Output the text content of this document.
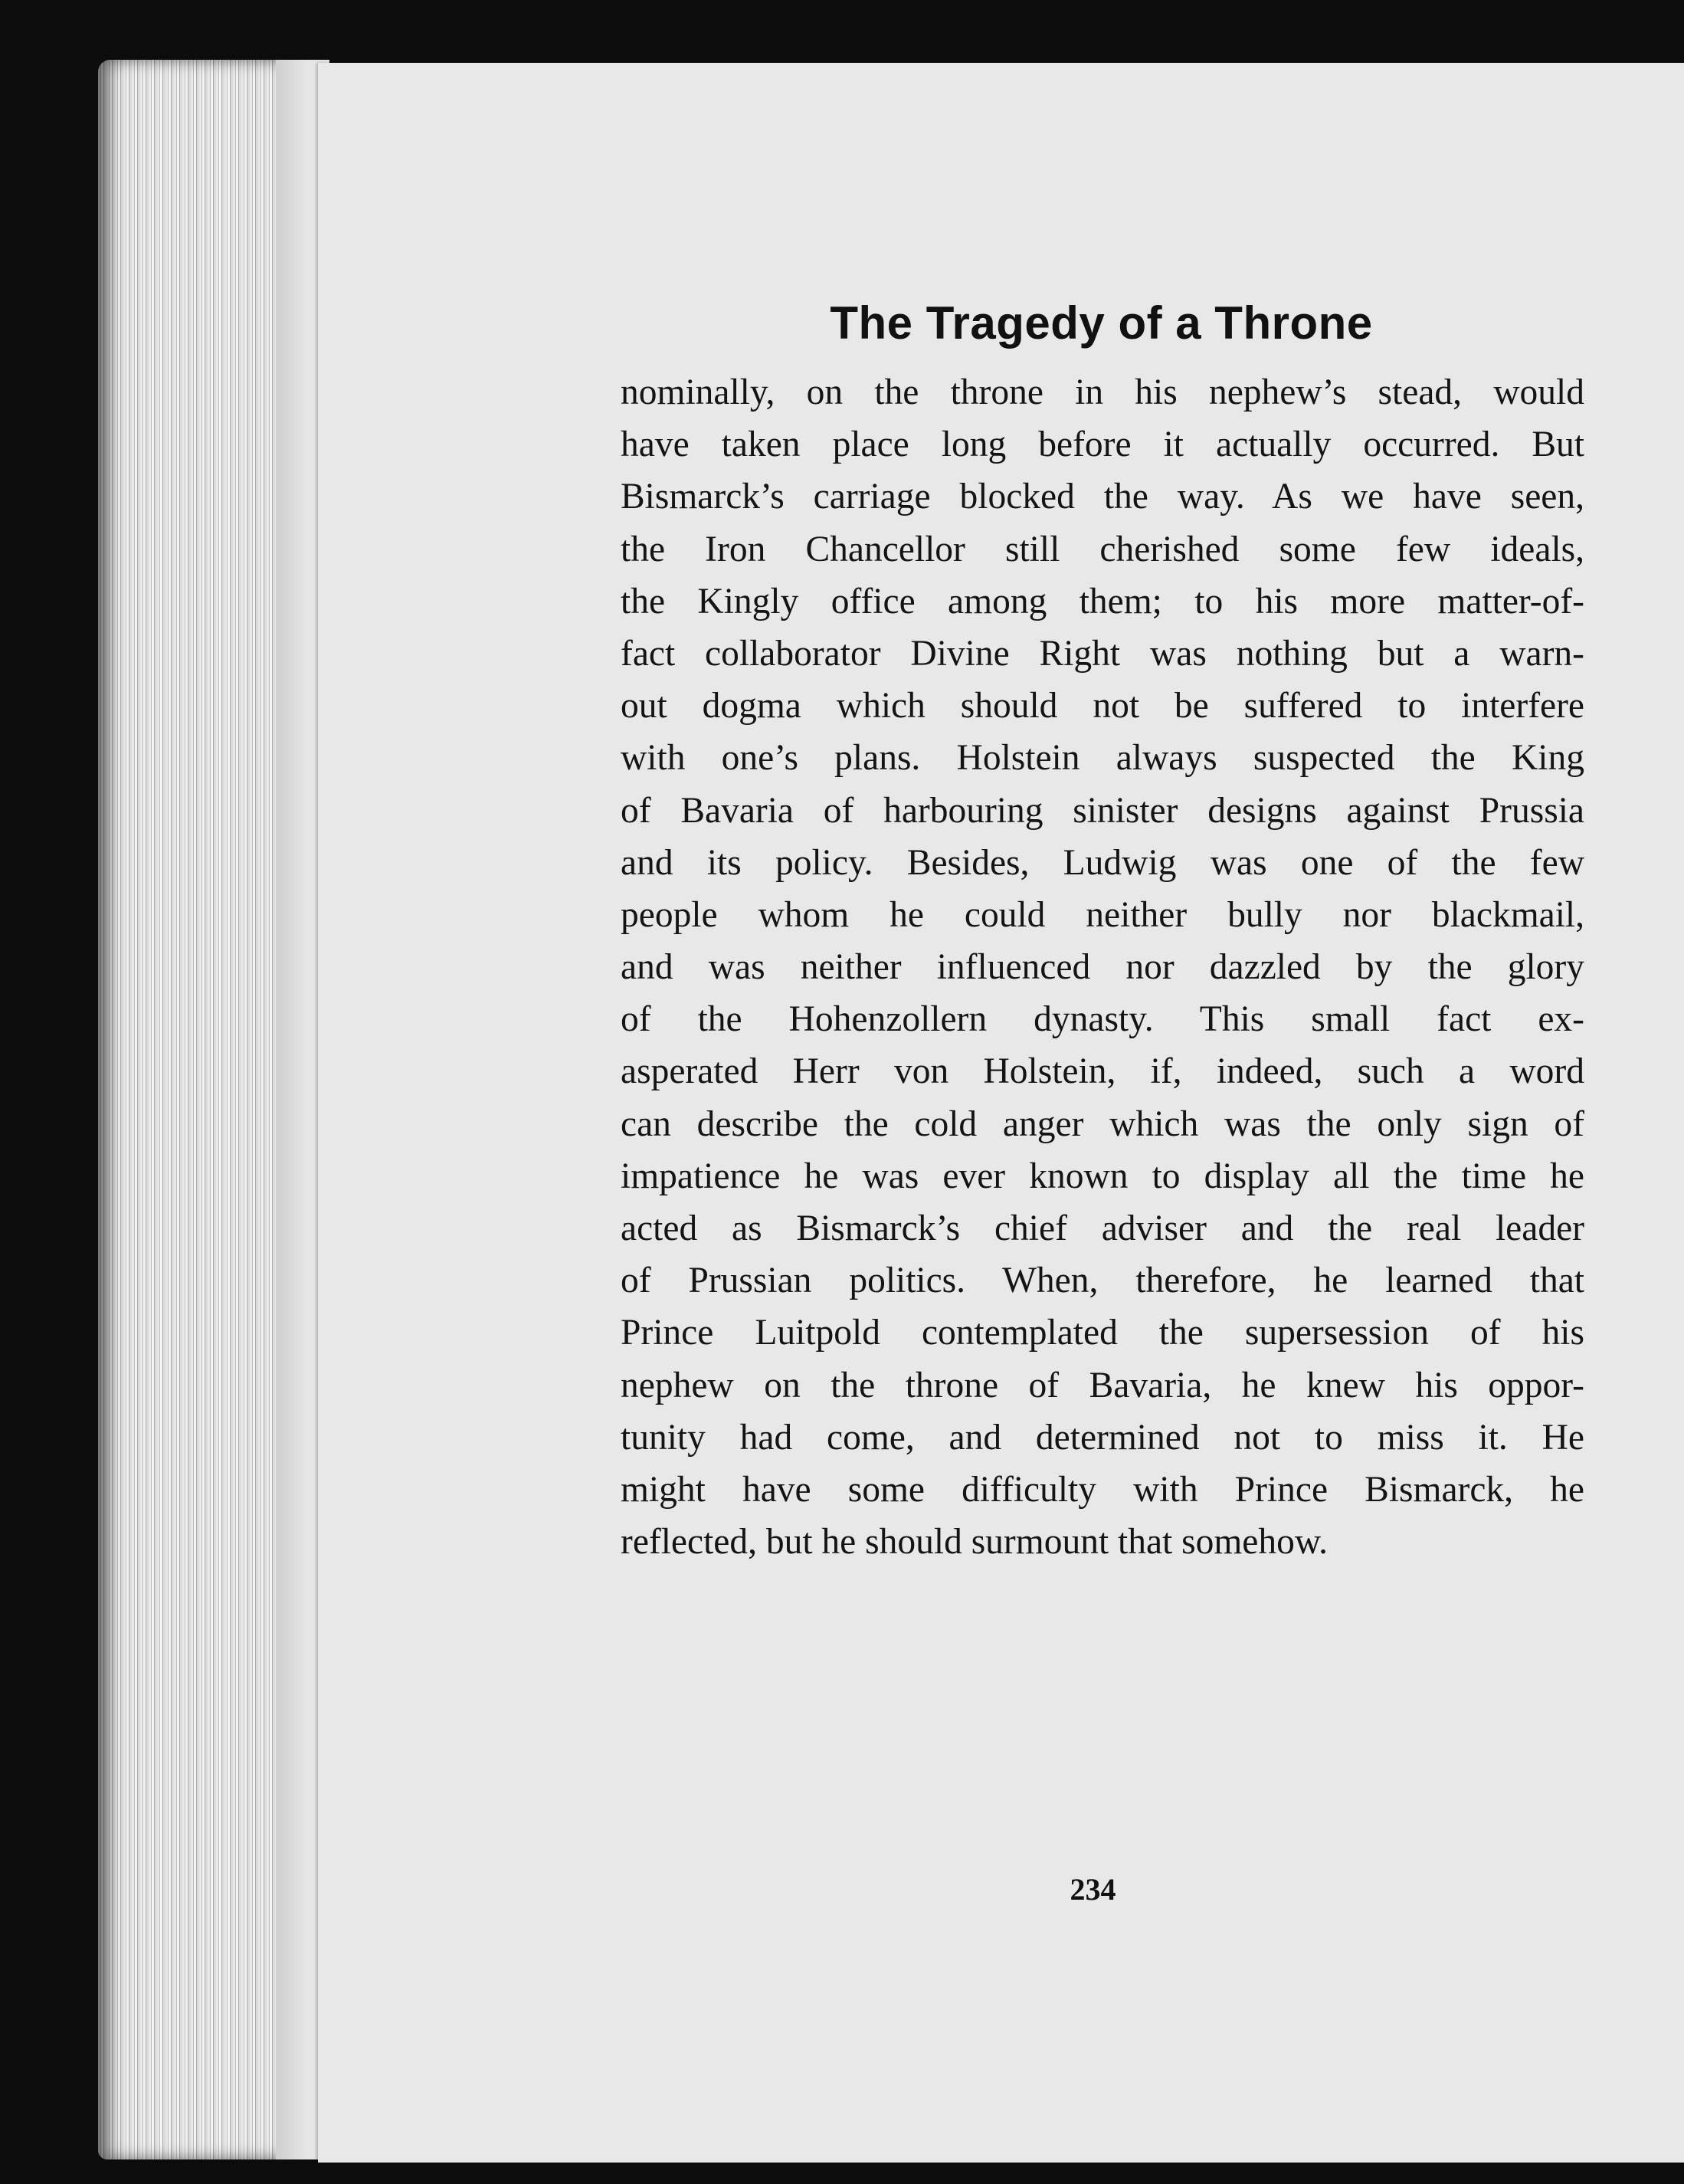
The Tragedy of a Throne
nominally, on the throne in his nephew’s stead, would
have taken place long before it actually occurred. But
Bismarck’s carriage blocked the way. As we have seen,
the Iron Chancellor still cherished some few ideals,
the Kingly office among them; to his more matter-of-
fact collaborator Divine Right was nothing but a warn-
out dogma which should not be suffered to interfere
with one’s plans. Holstein always suspected the King
of Bavaria of harbouring sinister designs against Prussia
and its policy. Besides, Ludwig was one of the few
people whom he could neither bully nor blackmail,
and was neither influenced nor dazzled by the glory
of the Hohenzollern dynasty. This small fact ex-
asperated Herr von Holstein, if, indeed, such a word
can describe the cold anger which was the only sign of
impatience he was ever known to display all the time he
acted as Bismarck’s chief adviser and the real leader
of Prussian politics. When, therefore, he learned that
Prince Luitpold contemplated the supersession of his
nephew on the throne of Bavaria, he knew his oppor-
tunity had come, and determined not to miss it. He
might have some difficulty with Prince Bismarck, he
reflected, but he should surmount that somehow.
234
